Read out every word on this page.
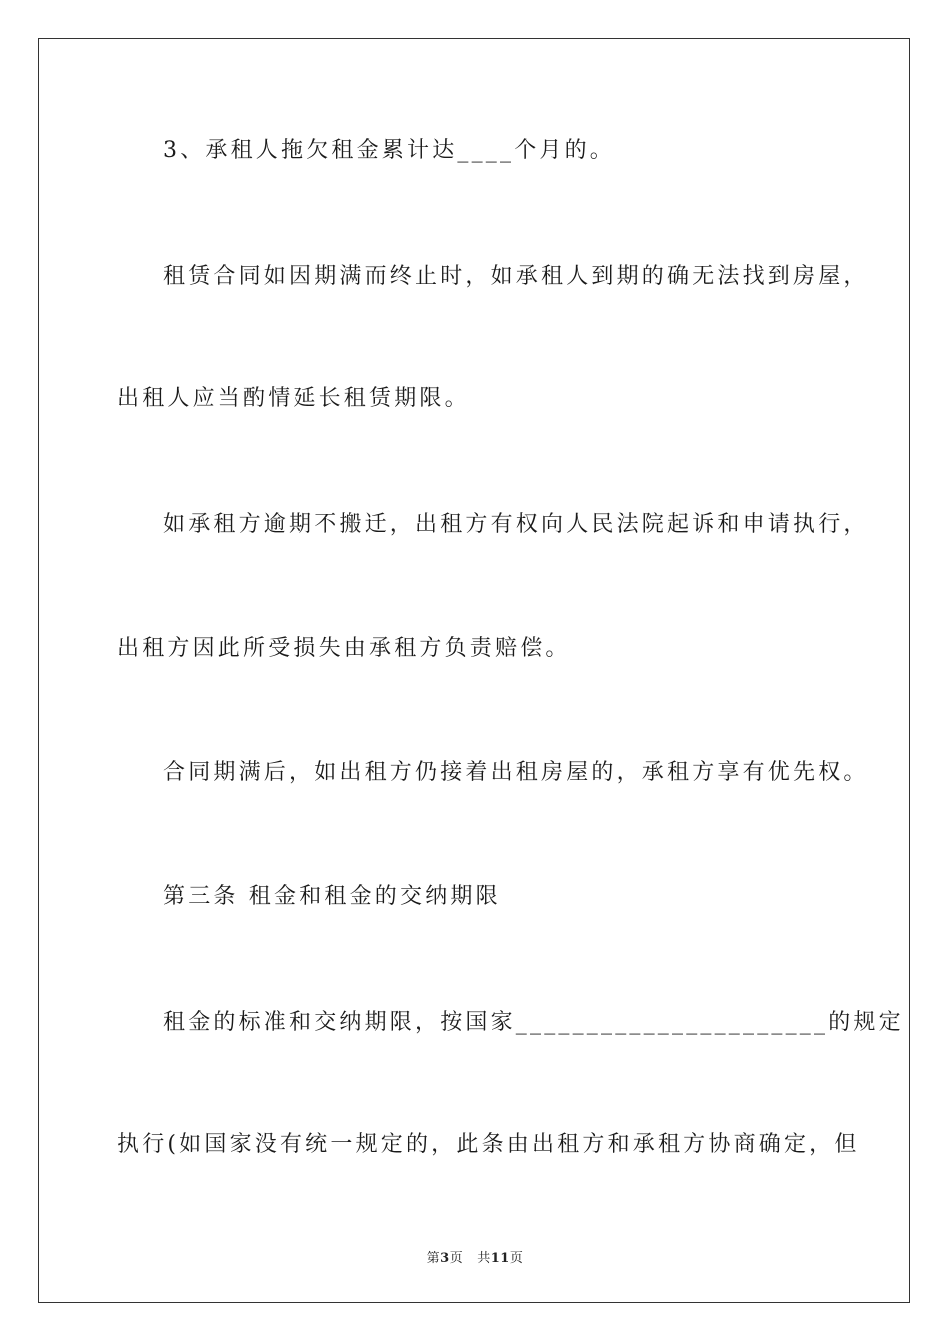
3、承租人拖欠租金累计达____个月的。
租赁合同如因期满而终止时，如承租人到期的确无法找到房屋，
出租人应当酌情延长租赁期限。
如承租方逾期不搬迁，出租方有权向人民法院起诉和申请执行，
出租方因此所受损失由承租方负责赔偿。
合同期满后，如出租方仍接着出租房屋的，承租方享有优先权。
第三条 租金和租金的交纳期限
租金的标准和交纳期限，按国家______________________的规定
执行(如国家没有统一规定的，此条由出租方和承租方协商确定，但
第3页 共11页
